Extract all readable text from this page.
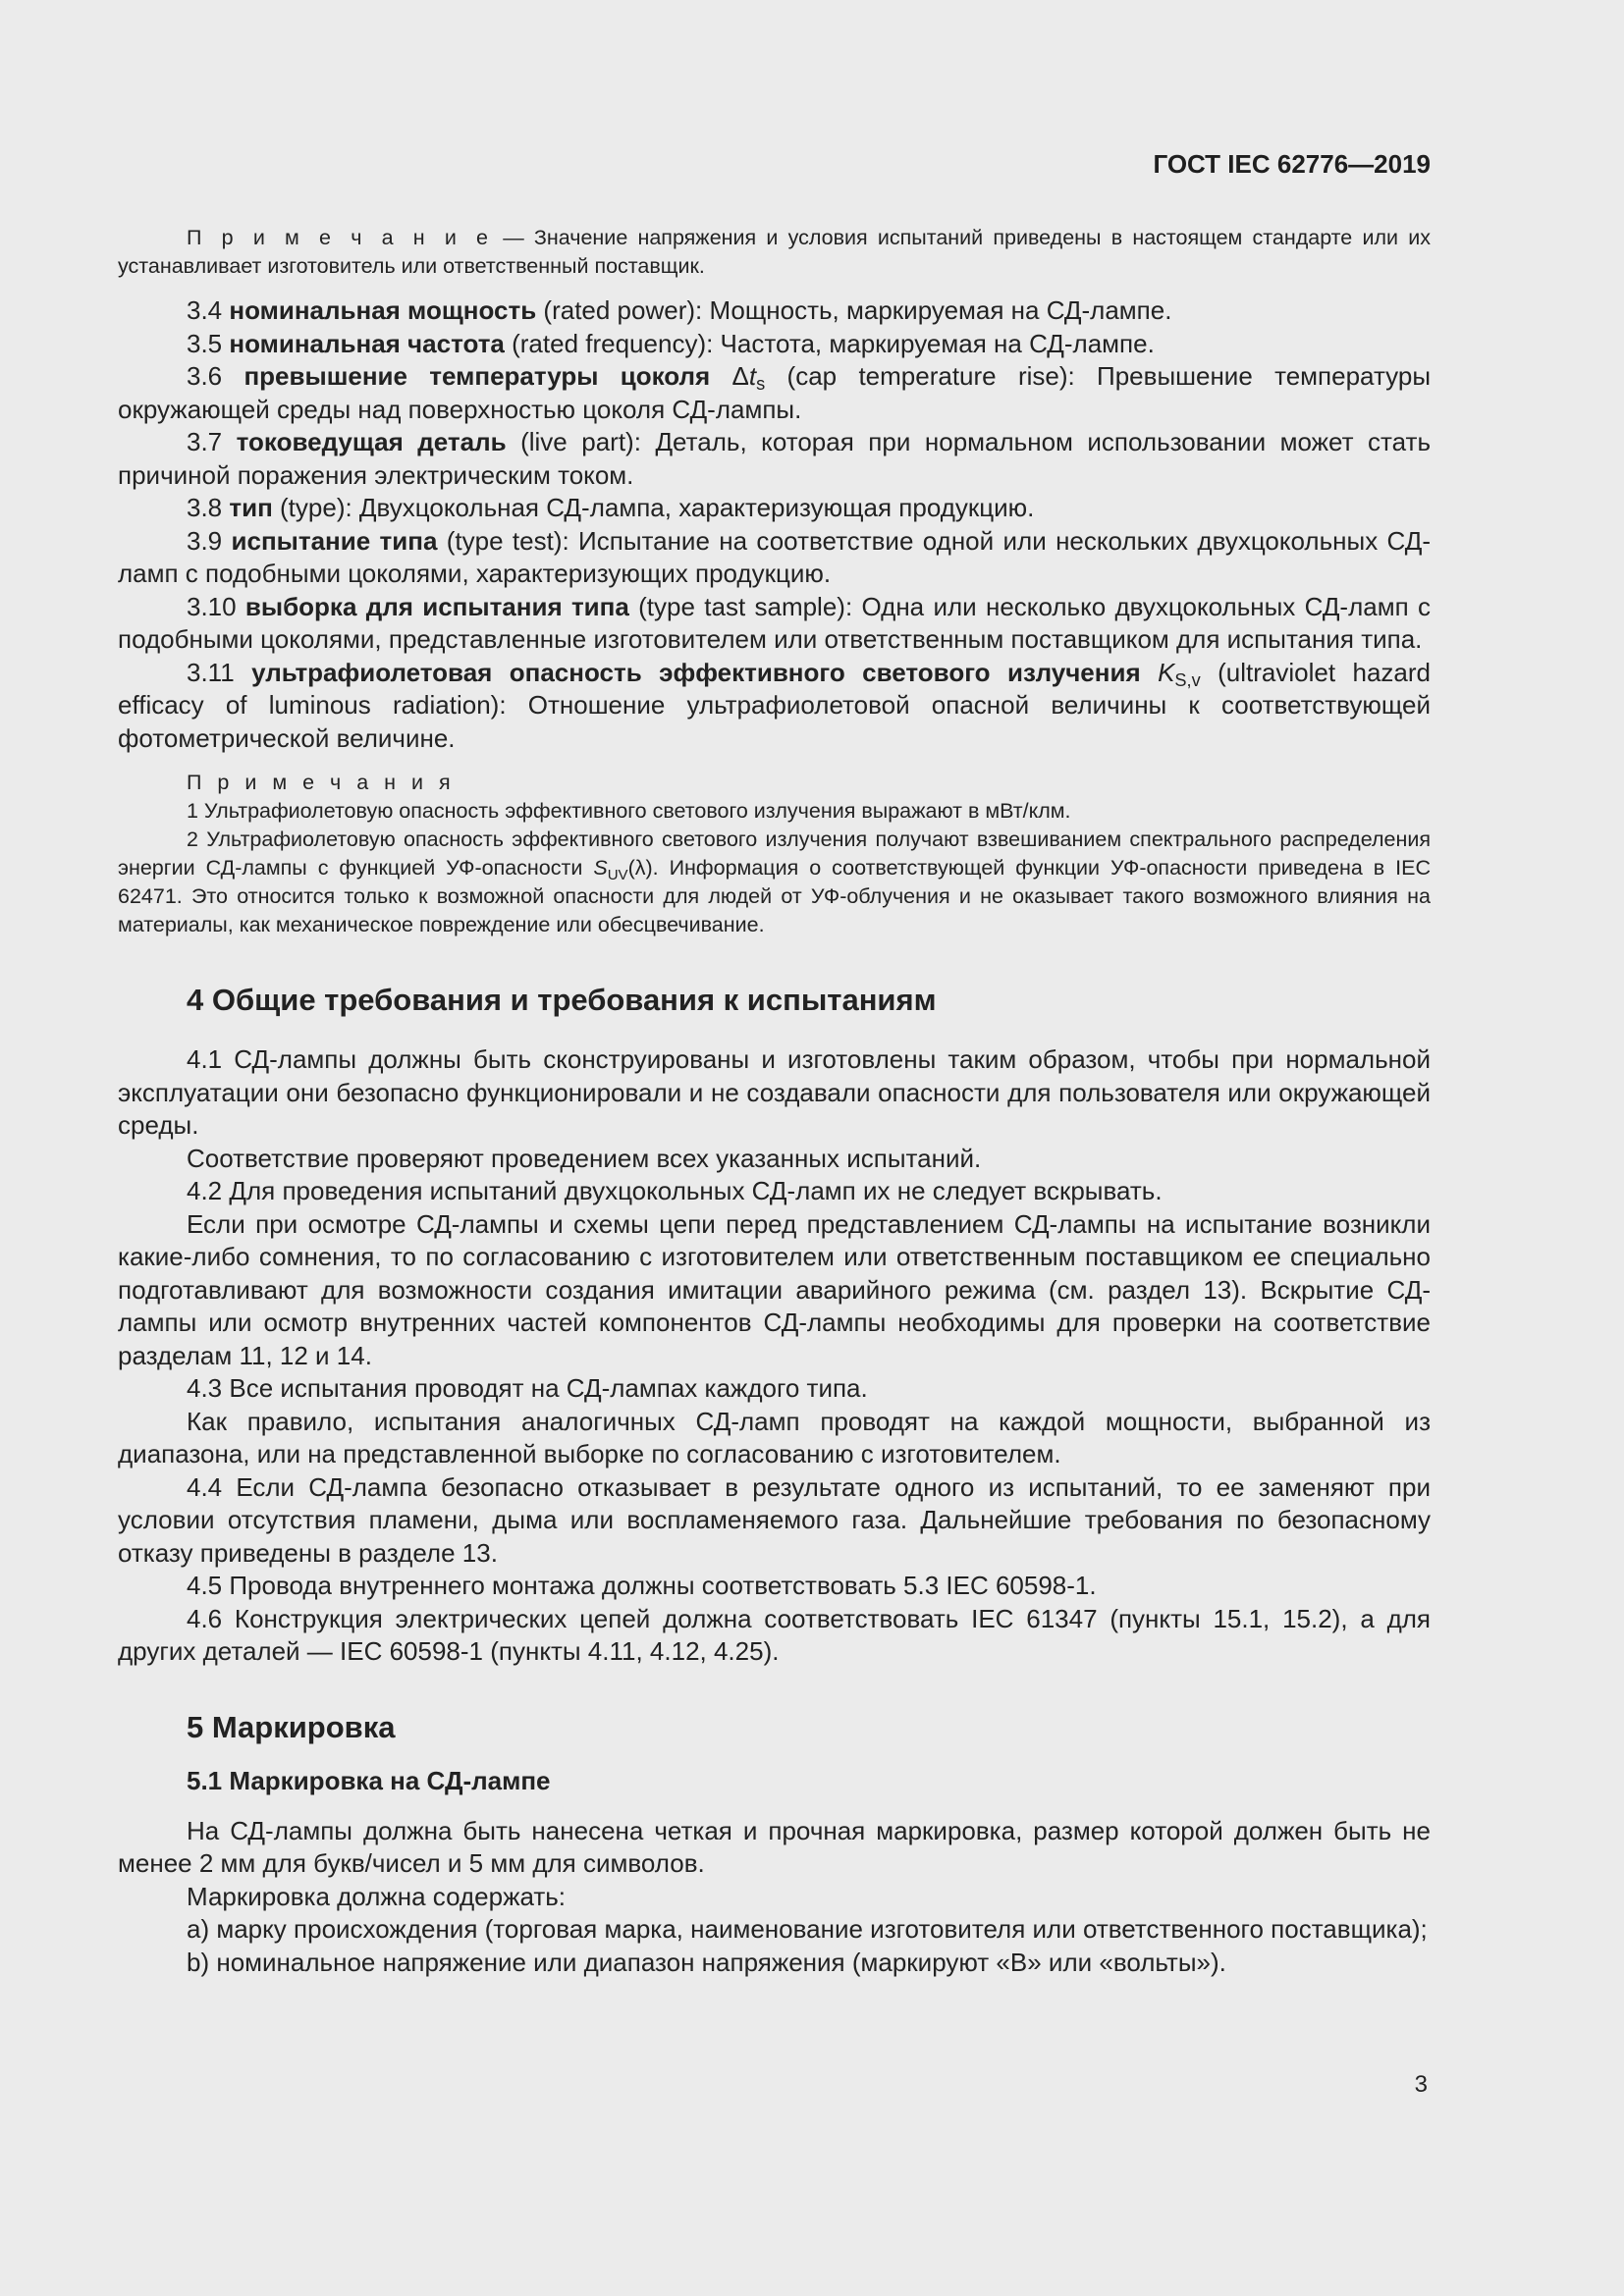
ГОСТ IEC 62776—2019

П р и м е ч а н и е — Значение напряжения и условия испытаний приведены в настоящем стандарте или их устанавливает изготовитель или ответственный поставщик.

3.4 номинальная мощность (rated power): Мощность, маркируемая на СД-лампе.

3.5 номинальная частота (rated frequency): Частота, маркируемая на СД-лампе.

3.6 превышение температуры цоколя $\Delta t_s$ (cap temperature rise): Превышение температуры окружающей среды над поверхностью цоколя СД-лампы.

3.7 токоведущая деталь (live part): Деталь, которая при нормальном использовании может стать причиной поражения электрическим током.

3.8 тип (type): Двухцокольная СД-лампа, характеризующая продукцию.

3.9 испытание типа (type test): Испытание на соответствие одной или нескольких двухцокольных СД-ламп с подобными цоколями, характеризующих продукцию.

3.10 выборка для испытания типа (type tast sample): Одна или несколько двухцокольных СД-ламп с подобными цоколями, представленные изготовителем или ответственным поставщиком для испытания типа.

3.11 ультрафиолетовая опасность эффективного светового излучения $K_{S,v}$ (ultraviolet hazard efficacy of luminous radiation): Отношение ультрафиолетовой опасной величины к соответствующей фотометрической величине.

П р и м е ч а н и я

1 Ультрафиолетовую опасность эффективного светового излучения выражают в мВт/клм.

2 Ультрафиолетовую опасность эффективного светового излучения получают взвешиванием спектрального распределения энергии СД-лампы с функцией УФ-опасности $S_{UV}(\lambda)$. Информация о соответствующей функции УФ-опасности приведена в IEC 62471. Это относится только к возможной опасности для людей от УФ-облучения и не оказывает такого возможного влияния на материалы, как механическое повреждение или обесцвечивание.

4 Общие требования и требования к испытаниям

4.1 СД-лампы должны быть сконструированы и изготовлены таким образом, чтобы при нормальной эксплуатации они безопасно функционировали и не создавали опасности для пользователя или окружающей среды.

Соответствие проверяют проведением всех указанных испытаний.

4.2 Для проведения испытаний двухцокольных СД-ламп их не следует вскрывать.

Если при осмотре СД-лампы и схемы цепи перед представлением СД-лампы на испытание возникли какие-либо сомнения, то по согласованию с изготовителем или ответственным поставщиком ее специально подготавливают для возможности создания имитации аварийного режима (см. раздел 13). Вскрытие СД-лампы или осмотр внутренних частей компонентов СД-лампы необходимы для проверки на соответствие разделам 11, 12 и 14.

4.3 Все испытания проводят на СД-лампах каждого типа.

Как правило, испытания аналогичных СД-ламп проводят на каждой мощности, выбранной из диапазона, или на представленной выборке по согласованию с изготовителем.

4.4 Если СД-лампа безопасно отказывает в результате одного из испытаний, то ее заменяют при условии отсутствия пламени, дыма или воспламеняемого газа. Дальнейшие требования по безопасному отказу приведены в разделе 13.

4.5 Провода внутреннего монтажа должны соответствовать 5.3 IEC 60598-1.

4.6 Конструкция электрических цепей должна соответствовать IEC 61347 (пункты 15.1, 15.2), а для других деталей — IEC 60598-1 (пункты 4.11, 4.12, 4.25).

5 Маркировка
5.1 Маркировка на СД-лампе

На СД-лампы должна быть нанесена четкая и прочная маркировка, размер которой должен быть не менее 2 мм для букв/чисел и 5 мм для символов.

Маркировка должна содержать:

a) марку происхождения (торговая марка, наименование изготовителя или ответственного поставщика);

b) номинальное напряжение или диапазон напряжения (маркируют «В» или «вольты»).

3
